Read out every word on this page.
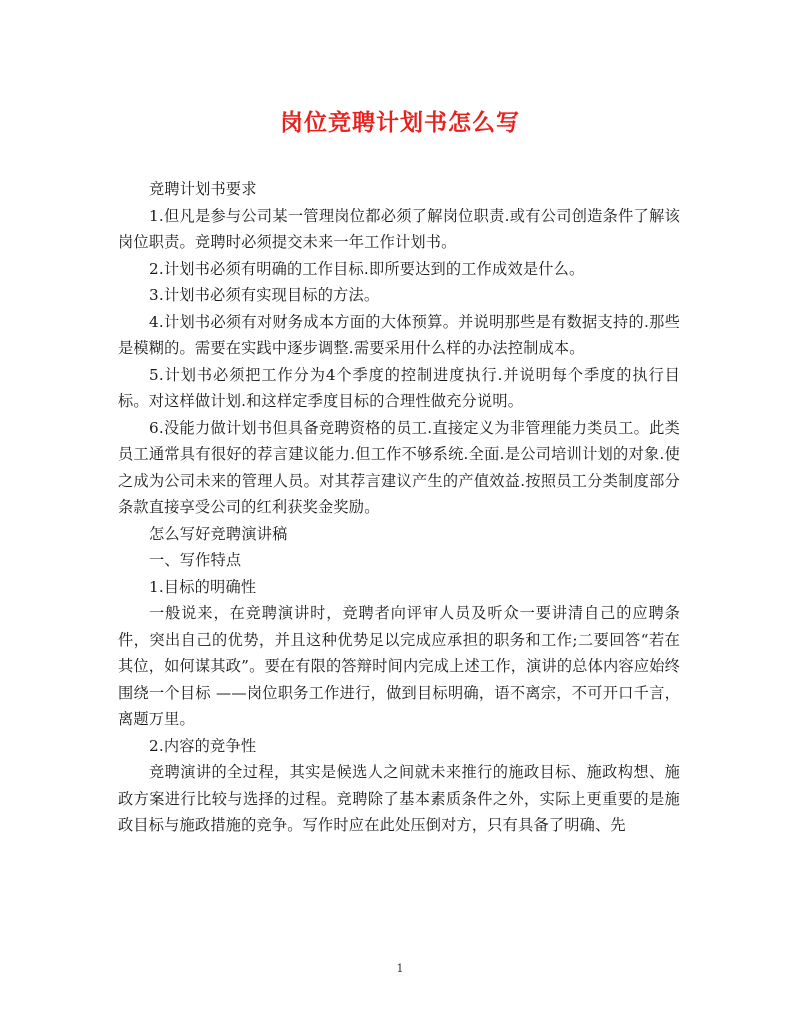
岗位竞聘计划书怎么写

竞聘计划书要求

1.但凡是参与公司某一管理岗位都必须了解岗位职责.或有公司创造条件了解该岗位职责。竞聘时必须提交未来一年工作计划书。

2.计划书必须有明确的工作目标.即所要达到的工作成效是什么。

3.计划书必须有实现目标的方法。

4.计划书必须有对财务成本方面的大体预算。并说明那些是有数据支持的.那些是模糊的。需要在实践中逐步调整.需要采用什么样的办法控制成本。

5.计划书必须把工作分为4个季度的控制进度执行.并说明每个季度的执行目标。对这样做计划.和这样定季度目标的合理性做充分说明。

6.没能力做计划书但具备竞聘资格的员工.直接定义为非管理能力类员工。此类员工通常具有很好的荐言建议能力.但工作不够系统.全面.是公司培训计划的对象.使之成为公司未来的管理人员。对其荐言建议产生的产值效益.按照员工分类制度部分条款直接享受公司的红利获奖金奖励。

怎么写好竞聘演讲稿

一、写作特点

1.目标的明确性

一般说来，在竞聘演讲时，竞聘者向评审人员及听众一要讲清自己的应聘条件，突出自己的优势，并且这种优势足以完成应承担的职务和工作;二要回答“若在其位，如何谋其政”。要在有限的答辩时间内完成上述工作，演讲的总体内容应始终围绕一个目标 ——岗位职务工作进行，做到目标明确，语不离宗，不可开口千言，离题万里。

2.内容的竞争性

竞聘演讲的全过程，其实是候选人之间就未来推行的施政目标、施政构想、施政方案进行比较与选择的过程。竞聘除了基本素质条件之外，实际上更重要的是施政目标与施政措施的竞争。写作时应在此处压倒对方，只有具备了明确、先

1
